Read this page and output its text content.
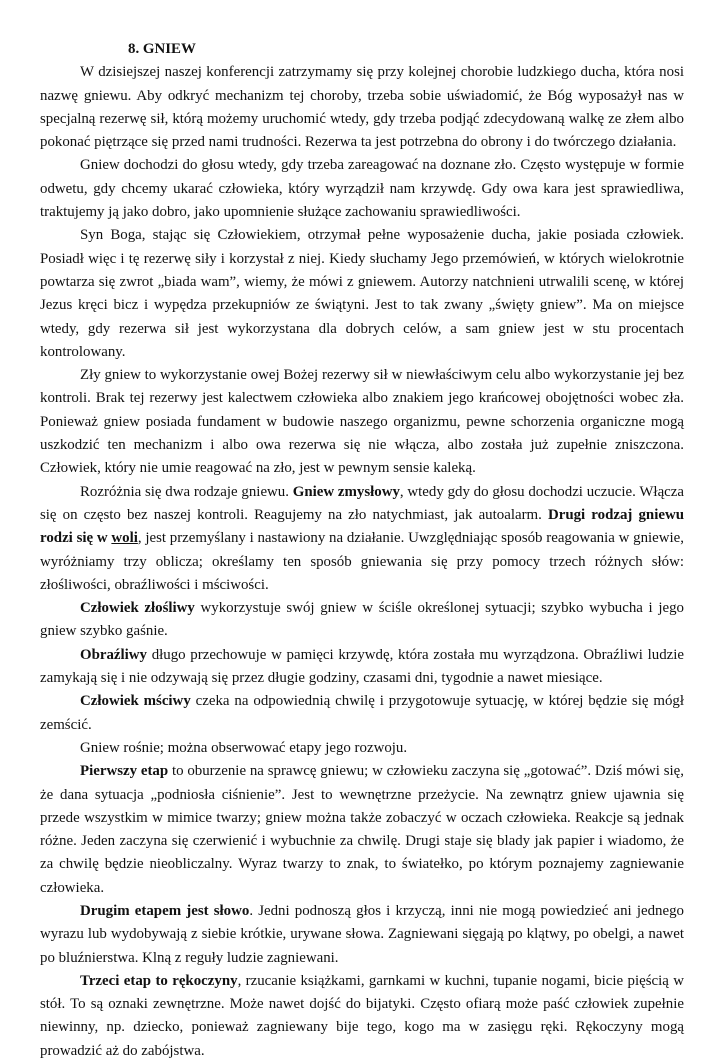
8. GNIEW

W dzisiejszej naszej konferencji zatrzymamy się przy kolejnej chorobie ludzkiego ducha, która nosi nazwę gniewu. Aby odkryć mechanizm tej choroby, trzeba sobie uświadomić, że Bóg wyposażył nas w specjalną rezerwę sił, którą możemy uruchomić wtedy, gdy trzeba podjąć zdecydowaną walkę ze złem albo pokonać piętrzące się przed nami trudności. Rezerwa ta jest potrzebna do obrony i do twórczego działania.

Gniew dochodzi do głosu wtedy, gdy trzeba zareagować na doznane zło. Często występuje w formie odwetu, gdy chcemy ukarać człowieka, który wyrządził nam krzywdę. Gdy owa kara jest sprawiedliwa, traktujemy ją jako dobro, jako upomnienie służące zachowaniu sprawiedliwości.

Syn Boga, stając się Człowiekiem, otrzymał pełne wyposażenie ducha, jakie posiada człowiek. Posiadł więc i tę rezerwę siły i korzystał z niej. Kiedy słuchamy Jego przemówień, w których wielokrotnie powtarza się zwrot „biada wam”, wiemy, że mówi z gniewem. Autorzy natchnieni utrwalili scenę, w której Jezus kręci bicz i wypędza przekupniów ze świątyni. Jest to tak zwany „święty gniew”. Ma on miejsce wtedy, gdy rezerwa sił jest wykorzystana dla dobrych celów, a sam gniew jest w stu procentach kontrolowany.

Zły gniew to wykorzystanie owej Bożej rezerwy sił w niewłaściwym celu albo wykorzystanie jej bez kontroli. Brak tej rezerwy jest kalectwem człowieka albo znakiem jego krańcowej obojętności wobec zła. Ponieważ gniew posiada fundament w budowie naszego organizmu, pewne schorzenia organiczne mogą uszkodzić ten mechanizm i albo owa rezerwa się nie włącza, albo została już zupełnie zniszczona. Człowiek, który nie umie reagować na zło, jest w pewnym sensie kaleką.

Rozróżnia się dwa rodzaje gniewu. Gniew zmysłowy, wtedy gdy do głosu dochodzi uczucie. Włącza się on często bez naszej kontroli. Reagujemy na zło natychmiast, jak autoalarm. Drugi rodzaj gniewu rodzi się w woli, jest przemyślany i nastawiony na działanie. Uwzględniając sposób reagowania w gniewie, wyróżniamy trzy oblicza; określamy ten sposób gniewania się przy pomocy trzech różnych słów: złośliwości, obraźliwości i mściwości.

Człowiek złośliwy wykorzystuje swój gniew w ściśle określonej sytuacji; szybko wybucha i jego gniew szybko gaśnie.

Obraźliwy długo przechowuje w pamięci krzywdę, która została mu wyrządzona. Obraźliwi ludzie zamykają się i nie odzywają się przez długie godziny, czasami dni, tygodnie a nawet miesiące.

Człowiek mściwy czeka na odpowiednią chwilę i przygotowuje sytuację, w której będzie się mógł zemścić.

Gniew rośnie; można obserwować etapy jego rozwoju.

Pierwszy etap to oburzenie na sprawcę gniewu; w człowieku zaczyna się „gotować”. Dziś mówi się, że dana sytuacja „podniosła ciśnienie”. Jest to wewnętrzne przeżycie. Na zewnątrz gniew ujawnia się przede wszystkim w mimice twarzy; gniew można także zobaczyć w oczach człowieka. Reakcje są jednak różne. Jeden zaczyna się czerwienić i wybuchnie za chwilę. Drugi staje się blady jak papier i wiadomo, że za chwilę będzie nieobliczalny. Wyraz twarzy to znak, to światełko, po którym poznajemy zagniewanie człowieka.

Drugim etapem jest słowo. Jedni podnoszą głos i krzyczą, inni nie mogą powiedzieć ani jednego wyrazu lub wydobywają z siebie krótkie, urywane słowa. Zagniewani sięgają po klątwy, po obelgi, a nawet po bluźnierstwa. Klną z reguły ludzie zagniewani.

Trzeci etap to rękoczyny, rzucanie książkami, garnkami w kuchni, tupanie nogami, bicie pięścią w stół. To są oznaki zewnętrzne. Może nawet dojść do bijatyki. Często ofiarą może paść człowiek zupełnie niewinny, np. dziecko, ponieważ zagniewany bije tego, kogo ma w zasięgu ręki. Rękoczyny mogą prowadzić aż do zabójstwa.
